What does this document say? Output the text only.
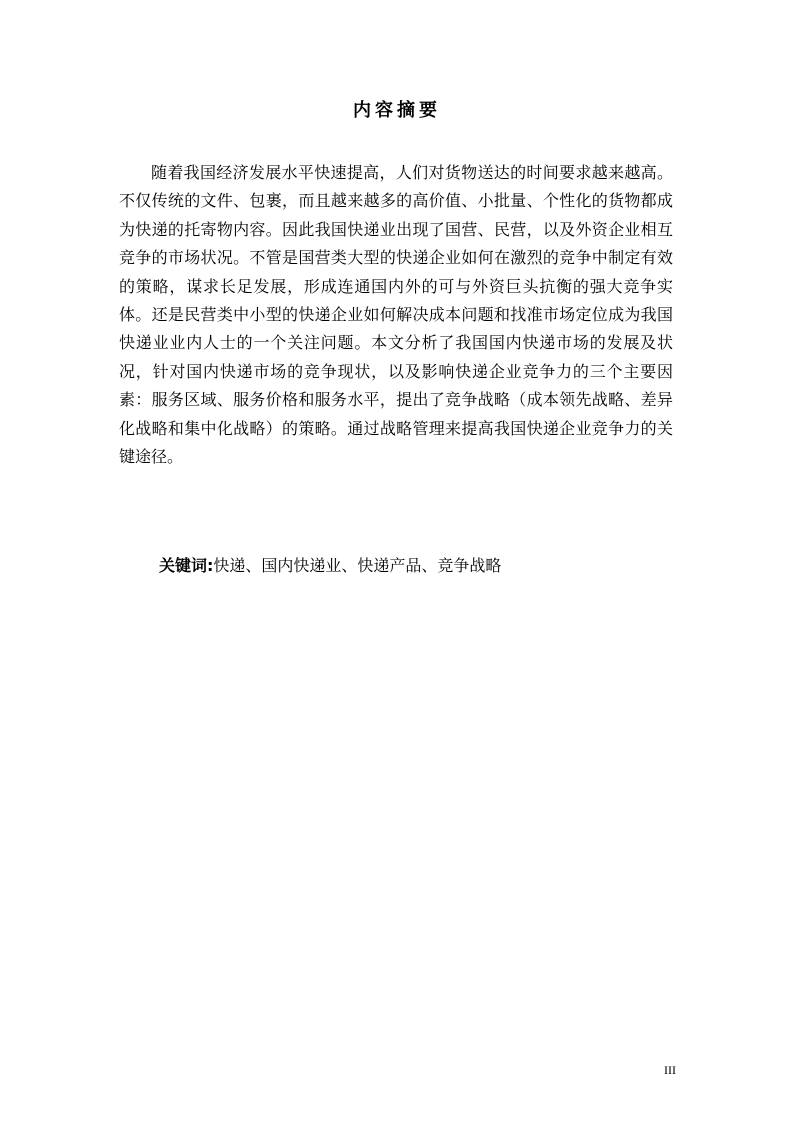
内容摘要

随着我国经济发展水平快速提高，人们对货物送达的时间要求越来越高。不仅传统的文件、包裹，而且越来越多的高价值、小批量、个性化的货物都成为快递的托寄物内容。因此我国快递业出现了国营、民营，以及外资企业相互竞争的市场状况。不管是国营类大型的快递企业如何在激烈的竞争中制定有效的策略，谋求长足发展，形成连通国内外的可与外资巨头抗衡的强大竞争实体。还是民营类中小型的快递企业如何解决成本问题和找准市场定位成为我国快递业业内人士的一个关注问题。本文分析了我国国内快递市场的发展及状况，针对国内快递市场的竞争现状，以及影响快递企业竞争力的三个主要因素：服务区域、服务价格和服务水平，提出了竞争战略（成本领先战略、差异化战略和集中化战略）的策略。通过战略管理来提高我国快递企业竞争力的关键途径。

关键词:快递、国内快递业、快递产品、竞争战略

III
